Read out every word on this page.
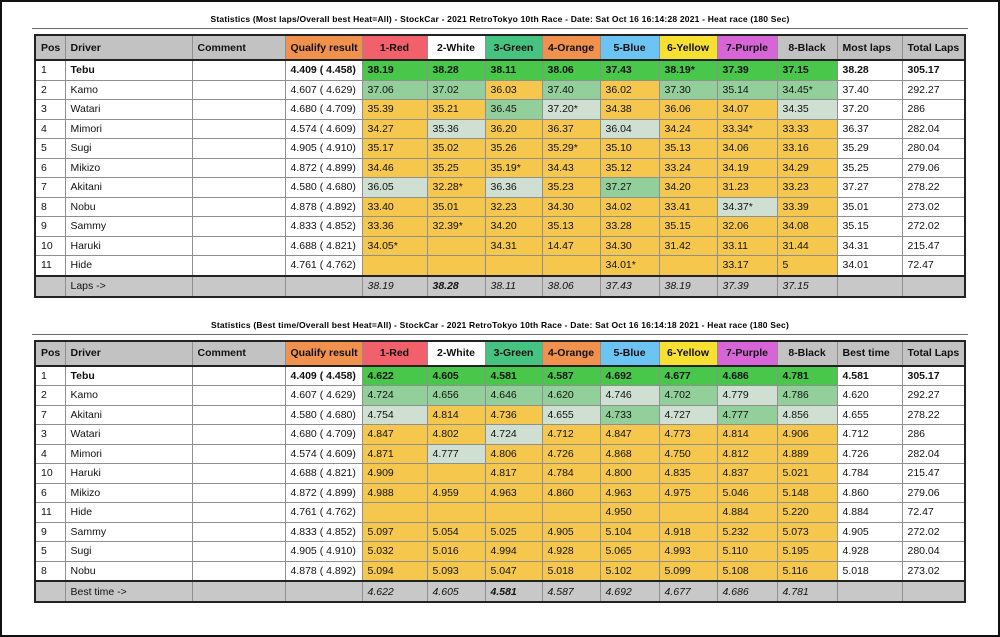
Statistics (Most laps/Overall best Heat=All) - StockCar - 2021 RetroTokyo 10th Race - Date: Sat Oct 16 16:14:28 2021 - Heat race (180 Sec)
Pos	Driver	Comment	Qualify result	1-Red	2-White	3-Green	4-Orange	5-Blue	6-Yellow	7-Purple	8-Black	Most laps	Total Laps
1	Tebu		4.409 ( 4.458)	38.19	38.28	38.11	38.06	37.43	38.19*	37.39	37.15	38.28	305.17
2	Kamo		4.607 ( 4.629)	37.06	37.02	36.03	37.40	36.02	37.30	35.14	34.45*	37.40	292.27
3	Watari		4.680 ( 4.709)	35.39	35.21	36.45	37.20*	34.38	36.06	34.07	34.35	37.20	286
4	Mimori		4.574 ( 4.609)	34.27	35.36	36.20	36.37	36.04	34.24	33.34*	33.33	36.37	282.04
5	Sugi		4.905 ( 4.910)	35.17	35.02	35.26	35.29*	35.10	35.13	34.06	33.16	35.29	280.04
6	Mikizo		4.872 ( 4.899)	34.46	35.25	35.19*	34.43	35.12	33.24	34.19	34.29	35.25	279.06
7	Akitani		4.580 ( 4.680)	36.05	32.28*	36.36	35.23	37.27	34.20	31.23	33.23	37.27	278.22
8	Nobu		4.878 ( 4.892)	33.40	35.01	32.23	34.30	34.02	33.41	34.37*	33.39	35.01	273.02
9	Sammy		4.833 ( 4.852)	33.36	32.39*	34.20	35.13	33.28	35.15	32.06	34.08	35.15	272.02
10	Haruki		4.688 ( 4.821)	34.05*		34.31	14.47	34.30	31.42	33.11	31.44	34.31	215.47
11	Hide		4.761 ( 4.762)					34.01*		33.17	5	34.01	72.47
	Laps ->			38.19	38.28	38.11	38.06	37.43	38.19	37.39	37.15		
Statistics (Best time/Overall best Heat=All) - StockCar - 2021 RetroTokyo 10th Race - Date: Sat Oct 16 16:14:18 2021 - Heat race (180 Sec)
Pos	Driver	Comment	Qualify result	1-Red	2-White	3-Green	4-Orange	5-Blue	6-Yellow	7-Purple	8-Black	Best time	Total Laps
1	Tebu		4.409 ( 4.458)	4.622	4.605	4.581	4.587	4.692	4.677	4.686	4.781	4.581	305.17
2	Kamo		4.607 ( 4.629)	4.724	4.656	4.646	4.620	4.746	4.702	4.779	4.786	4.620	292.27
7	Akitani		4.580 ( 4.680)	4.754	4.814	4.736	4.655	4.733	4.727	4.777	4.856	4.655	278.22
3	Watari		4.680 ( 4.709)	4.847	4.802	4.724	4.712	4.847	4.773	4.814	4.906	4.712	286
4	Mimori		4.574 ( 4.609)	4.871	4.777	4.806	4.726	4.868	4.750	4.812	4.889	4.726	282.04
10	Haruki		4.688 ( 4.821)	4.909		4.817	4.784	4.800	4.835	4.837	5.021	4.784	215.47
6	Mikizo		4.872 ( 4.899)	4.988	4.959	4.963	4.860	4.963	4.975	5.046	5.148	4.860	279.06
11	Hide		4.761 ( 4.762)					4.950		4.884	5.220	4.884	72.47
9	Sammy		4.833 ( 4.852)	5.097	5.054	5.025	4.905	5.104	4.918	5.232	5.073	4.905	272.02
5	Sugi		4.905 ( 4.910)	5.032	5.016	4.994	4.928	5.065	4.993	5.110	5.195	4.928	280.04
8	Nobu		4.878 ( 4.892)	5.094	5.093	5.047	5.018	5.102	5.099	5.108	5.116	5.018	273.02
	Best time ->			4.622	4.605	4.581	4.587	4.692	4.677	4.686	4.781		
